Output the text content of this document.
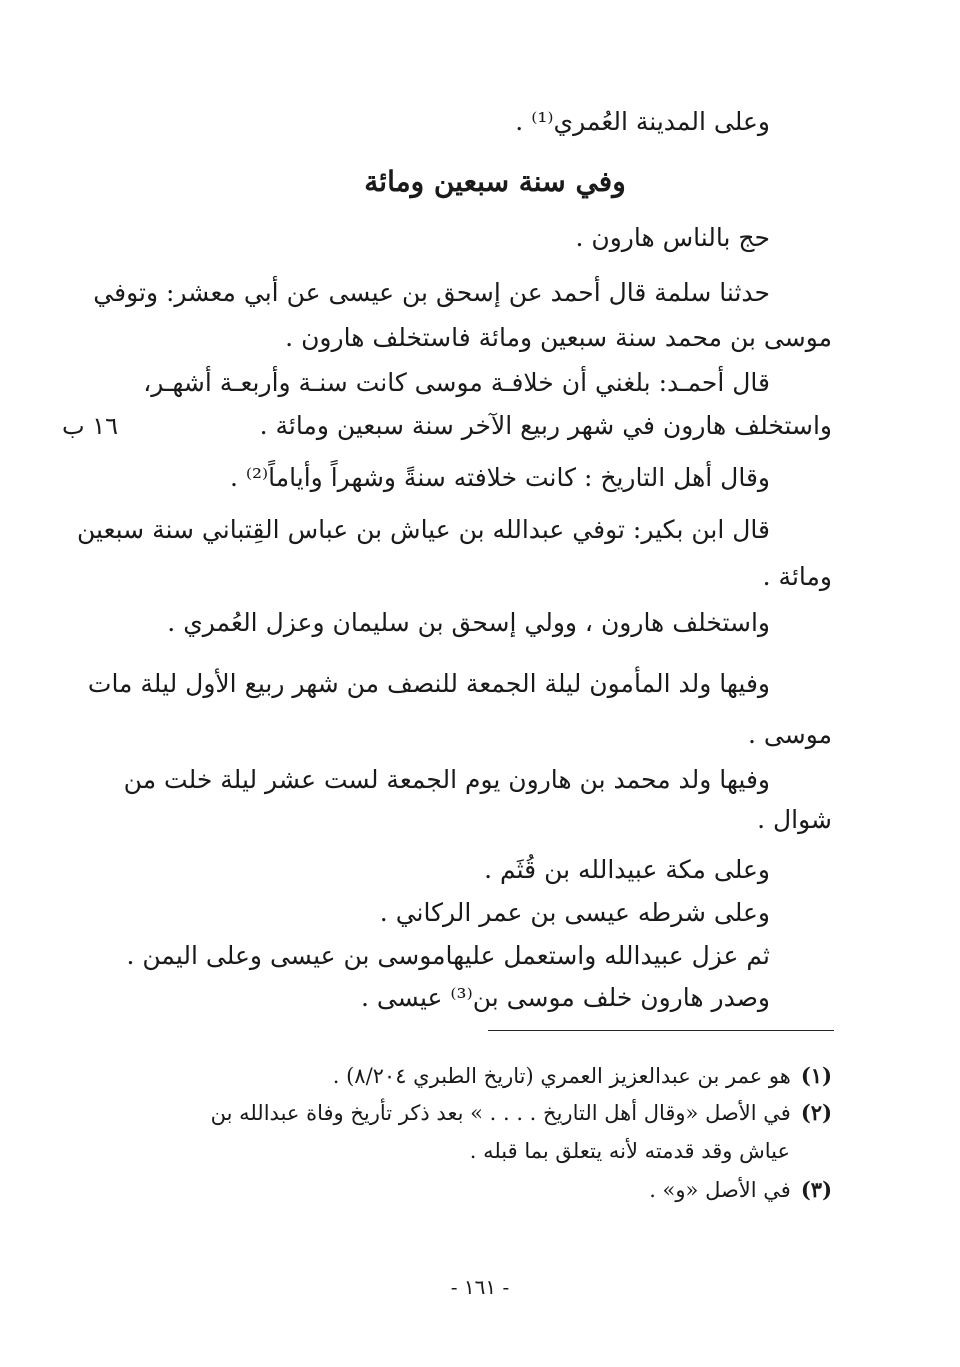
وعلى المدينة العُمري⁽¹⁾ .
وفي سنة سبعين ومائة
حج بالناس هارون .
حدثنا سلمة قال أحمد عن إسحق بن عيسى عن أبي معشر: وتوفي
موسى بن محمد سنة سبعين ومائة فاستخلف هارون .
قال أحمـد: بلغني أن خلافـة موسى كانت سنـة وأربعـة أشهـر،
واستخلف هارون في شهر ربيع الآخر سنة سبعين ومائة .
١٦ ب
وقال أهل التاريخ : كانت خلافته سنةً وشهراً وأياماً⁽²⁾ .
قال ابن بكير: توفي عبدالله بن عياش بن عباس القِتباني سنة سبعين
ومائة .
واستخلف هارون ، وولي إسحق بن سليمان وعزل العُمري .
وفيها ولد المأمون ليلة الجمعة للنصف من شهر ربيع الأول ليلة مات
موسى .
وفيها ولد محمد بن هارون يوم الجمعة لست عشر ليلة خلت من
شوال .
وعلى مكة عبيدالله بن قُثَم .
وعلى شرطه عيسى بن عمر الركاني .
ثم عزل عبيدالله واستعمل عليهاموسى بن عيسى وعلى اليمن .
وصدر هارون خلف موسى بن⁽³⁾ عيسى .
(١)هو عمر بن عبدالعزيز العمري (تاريخ الطبري ٨/٢٠٤) .
(٢)في الأصل «وقال أهل التاريخ . . . . » بعد ذكر تأريخ وفاة عبدالله بن
عياش وقد قدمته لأنه يتعلق بما قبله .
(٣)في الأصل «و» .
- ١٦١ -
